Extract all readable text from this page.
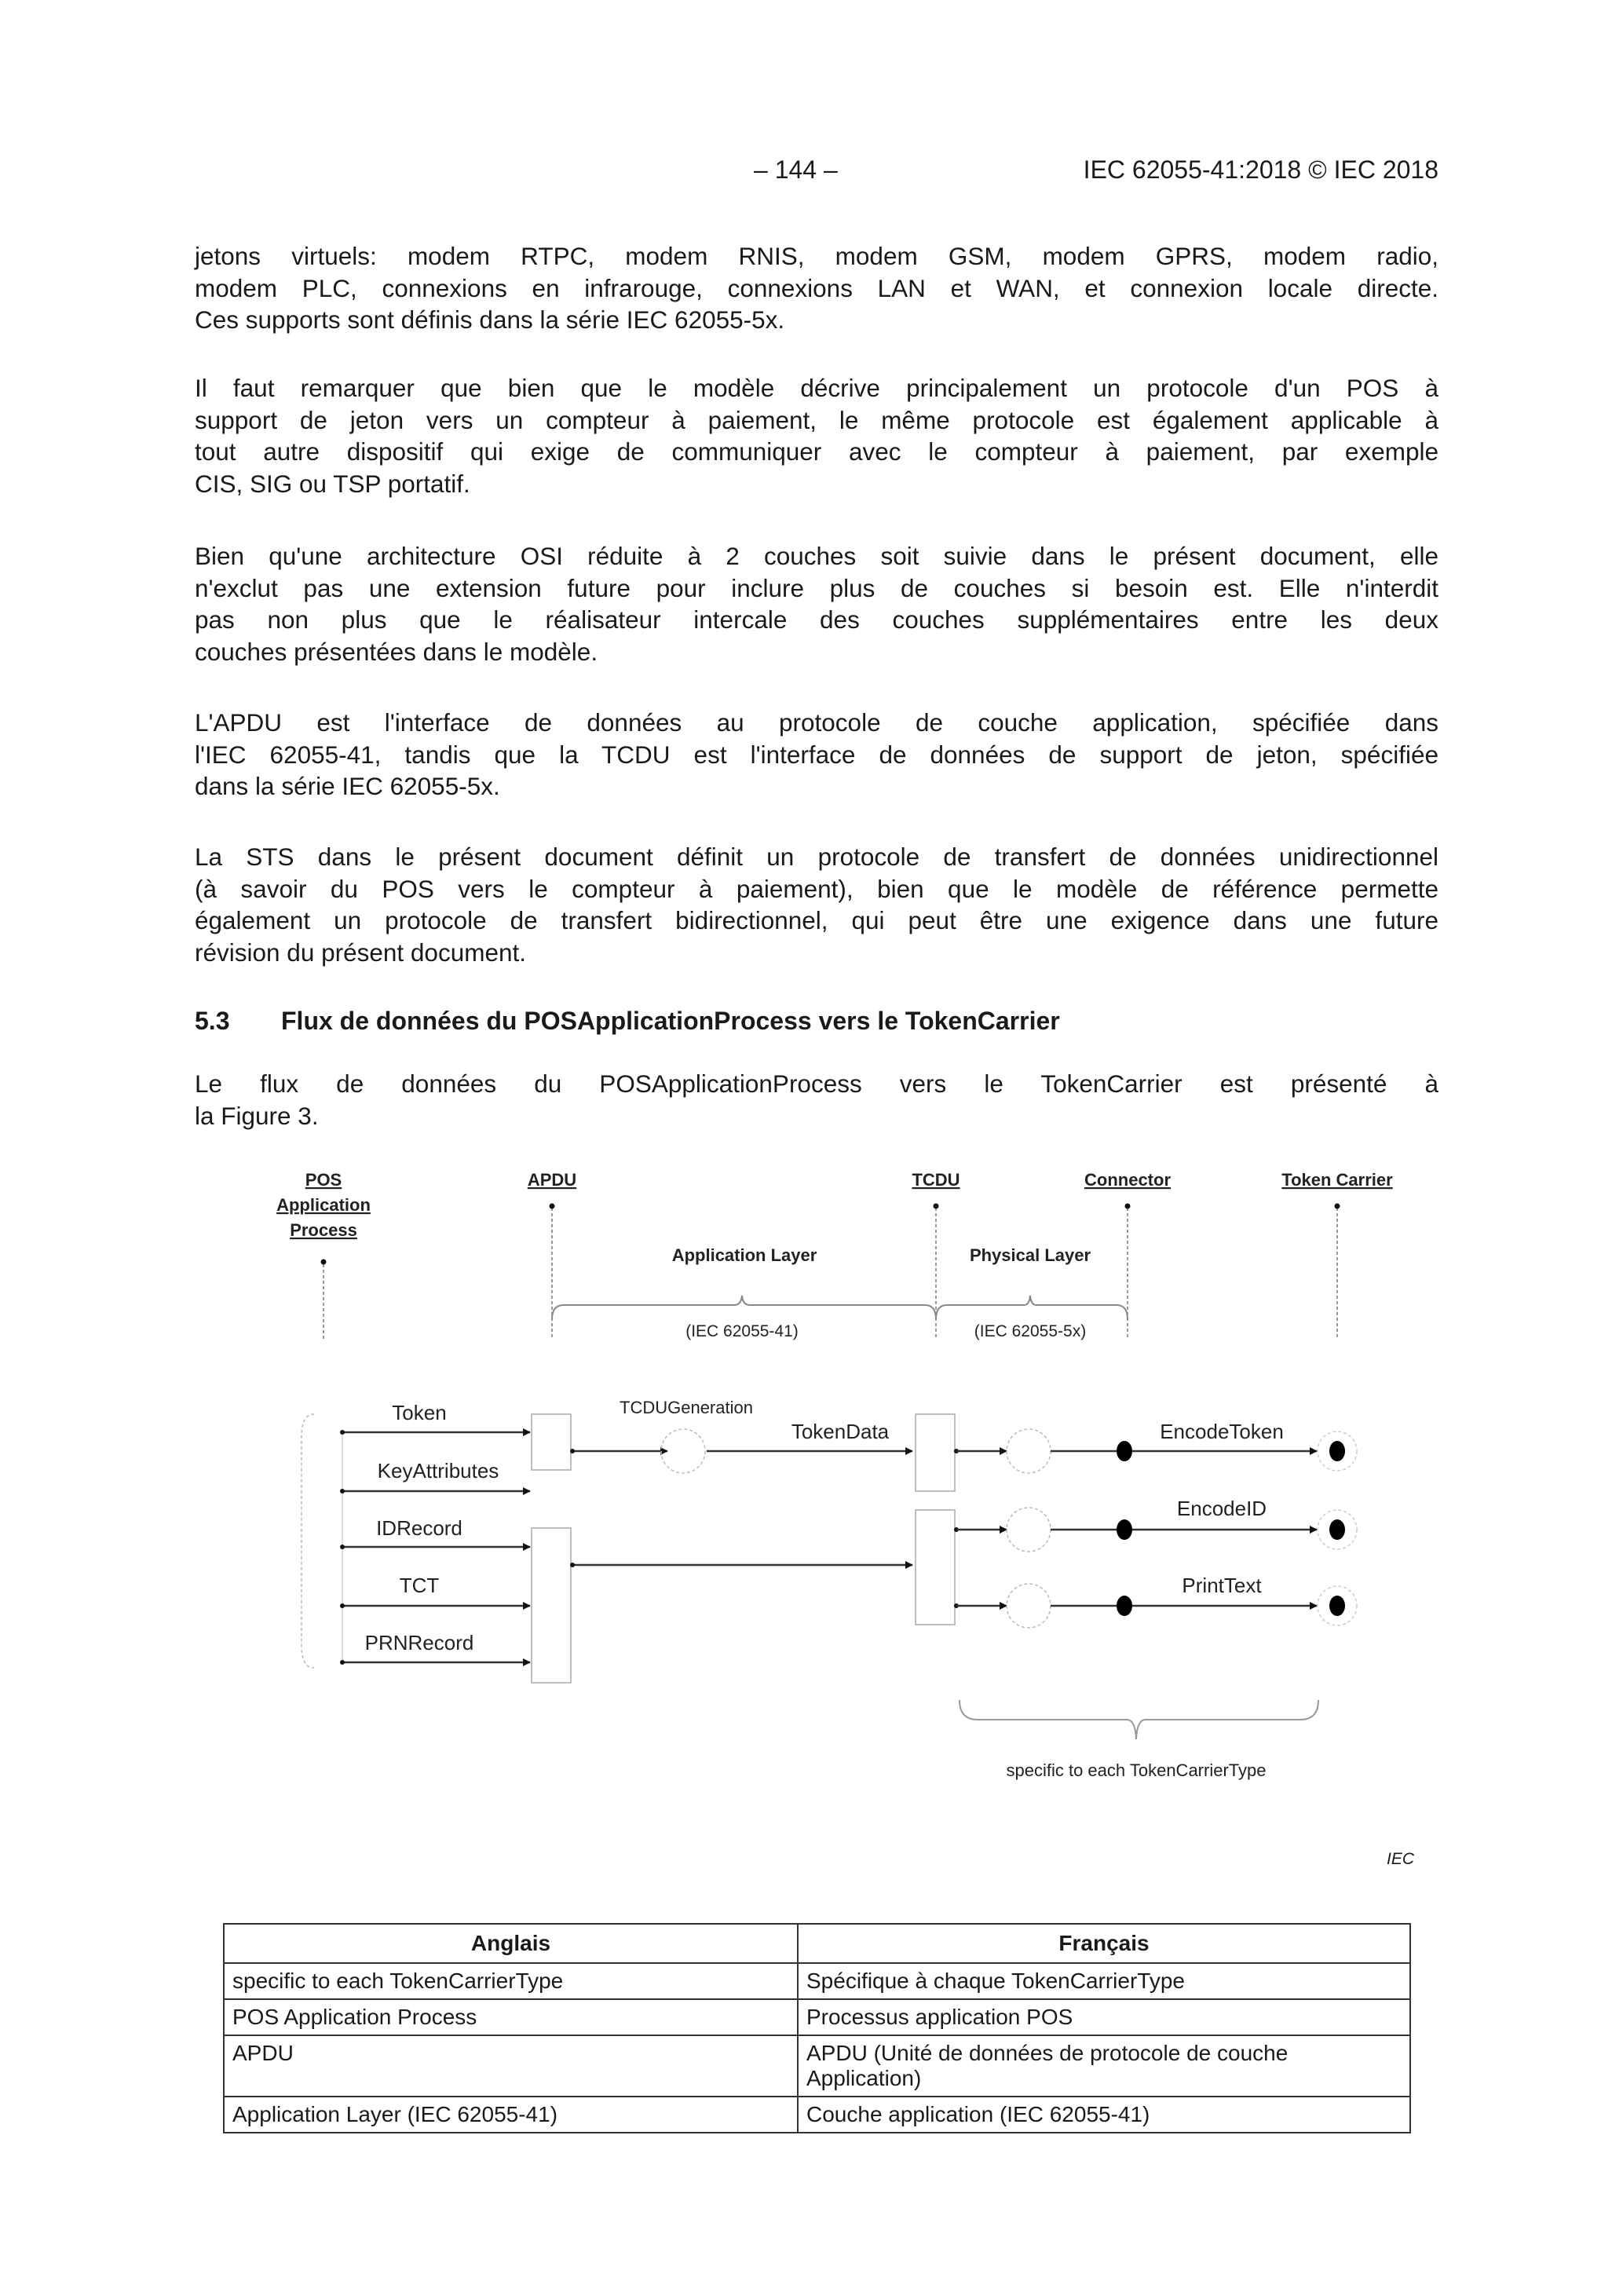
– 144 –	IEC 62055-41:2018 © IEC 2018
jetons virtuels: modem RTPC, modem RNIS, modem GSM, modem GPRS, modem radio,
modem PLC, connexions en infrarouge, connexions LAN et WAN, et connexion locale directe.
Ces supports sont définis dans la série IEC 62055-5x.
Il faut remarquer que bien que le modèle décrive principalement un protocole d'un POS à
support de jeton vers un compteur à paiement, le même protocole est également applicable à
tout autre dispositif qui exige de communiquer avec le compteur à paiement, par exemple
CIS, SIG ou TSP portatif.
Bien qu'une architecture OSI réduite à 2 couches soit suivie dans le présent document, elle
n'exclut pas une extension future pour inclure plus de couches si besoin est. Elle n'interdit
pas non plus que le réalisateur intercale des couches supplémentaires entre les deux
couches présentées dans le modèle.
L'APDU est l'interface de données au protocole de couche application, spécifiée dans
l'IEC 62055-41, tandis que la TCDU est l'interface de données de support de jeton, spécifiée
dans la série IEC 62055-5x.
La STS dans le présent document définit un protocole de transfert de données unidirectionnel
(à savoir du POS vers le compteur à paiement), bien que le modèle de référence permette
également un protocole de transfert bidirectionnel, qui peut être une exigence dans une future
révision du présent document.
5.3 Flux de données du POSApplicationProcess vers le TokenCarrier
Le flux de données du POSApplicationProcess vers le TokenCarrier est présenté à
la Figure 3.
POS
Application
Process
APDU	TCDU	Connector	Token Carrier
Application Layer	Physical Layer
(IEC 62055-41)	(IEC 62055-5x)
Token
KeyAttributes
IDRecord
TCT
PRNRecord
TCDUGeneration
TokenData	EncodeToken
EncodeID
PrintText
specific to each TokenCarrierType
IEC
Anglais	Français
specific to each TokenCarrierType	Spécifique à chaque TokenCarrierType
POS Application Process	Processus application POS
APDU	APDU (Unité de données de protocole de couche Application)
Application Layer (IEC 62055-41)	Couche application (IEC 62055-41)
